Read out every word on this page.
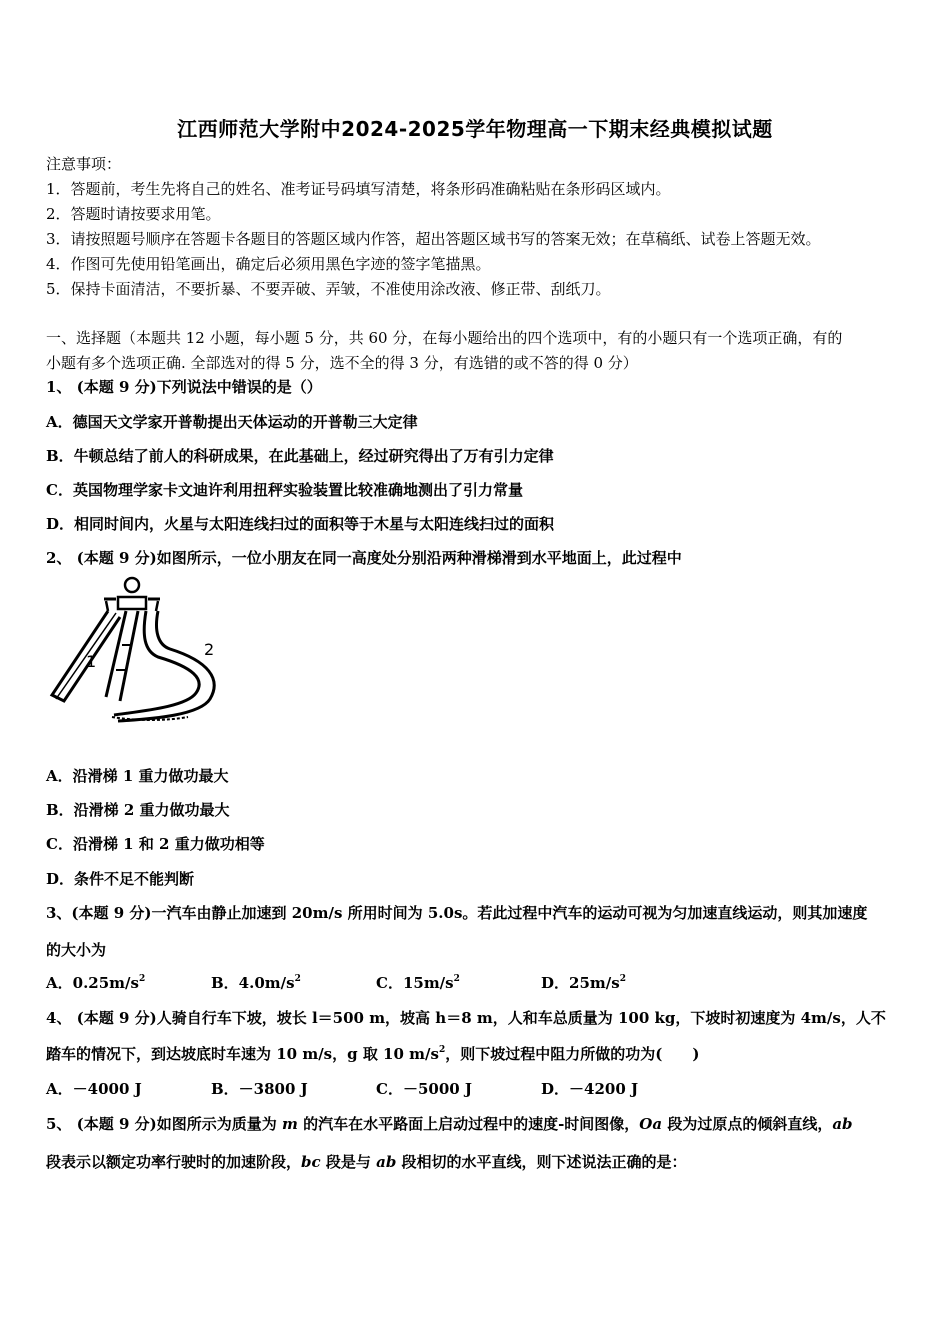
江西师范大学附中2024-2025学年物理高一下期末经典模拟试题
注意事项：
1．答题前，考生先将自己的姓名、准考证号码填写清楚，将条形码准确粘贴在条形码区域内。
2．答题时请按要求用笔。
3．请按照题号顺序在答题卡各题目的答题区域内作答，超出答题区域书写的答案无效；在草稿纸、试卷上答题无效。
4．作图可先使用铅笔画出，确定后必须用黑色字迹的签字笔描黑。
5．保持卡面清洁，不要折暴、不要弄破、弄皱，不准使用涂改液、修正带、刮纸刀。
一、选择题（本题共 12 小题，每小题 5 分，共 60 分，在每小题给出的四个选项中，有的小题只有一个选项正确，有的
小题有多个选项正确. 全部选对的得 5 分，选不全的得 3 分，有选错的或不答的得 0 分）
1、 (本题 9 分)下列说法中错误的是（）
A．德国天文学家开普勒提出天体运动的开普勒三大定律
B．牛顿总结了前人的科研成果，在此基础上，经过研究得出了万有引力定律
C．英国物理学家卡文迪许利用扭秤实验装置比较准确地测出了引力常量
D．相同时间内，火星与太阳连线扫过的面积等于木星与太阳连线扫过的面积
2、 (本题 9 分)如图所示，一位小朋友在同一高度处分别沿两种滑梯滑到水平地面上，此过程中
1
2
A．沿滑梯 1 重力做功最大
B．沿滑梯 2 重力做功最大
C．沿滑梯 1 和 2 重力做功相等
D．条件不足不能判断
3、(本题 9 分)一汽车由静止加速到 20m/s 所用时间为 5.0s。若此过程中汽车的运动可视为匀加速直线运动，则其加速度
的大小为
A．$0.25m/s^2$	B．$4.0m/s^2$	C．$15m/s^2$	D．$25m/s^2$
4、 (本题 9 分)人骑自行车下坡，坡长 l＝500 m，坡高 h＝8 m，人和车总质量为 100 kg，下坡时初速度为 4m/s，人不
踏车的情况下，到达坡底时车速为 10 m/s，g 取 10 $m/s^2$，则下坡过程中阻力所做的功为(　　)
A．－4000 J	B．－3800 J	C．－5000 J	D．－4200 J
5、 (本题 9 分)如图所示为质量为 m 的汽车在水平路面上启动过程中的速度-时间图像，Oa 段为过原点的倾斜直线，ab
段表示以额定功率行驶时的加速阶段，bc 段是与 ab 段相切的水平直线，则下述说法正确的是：
